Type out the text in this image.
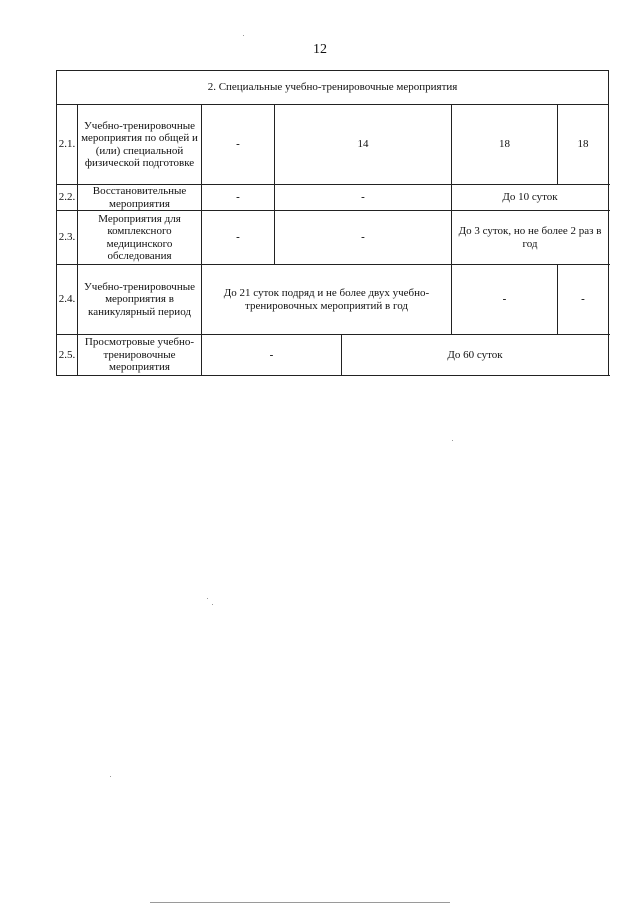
12
2. Специальные учебно-тренировочные мероприятия						
2.1.	Учебно-тренировочные мероприятия по общей и (или) специальной физической подготовке	-	14		18	18
2.2.	Восстановительные мероприятия	-	-		До 10 суток	
2.3.	Мероприятия для комплексного медицинского обследования	-	-		До 3 суток, но не более 2 раз в год	
2.4.	Учебно-тренировочные мероприятия в каникулярный период	До 21 суток подряд и не более двух учебно-тренировочных мероприятий в год			-	-
2.5.	Просмотровые учебно-тренировочные мероприятия	-		До 60 суток		
